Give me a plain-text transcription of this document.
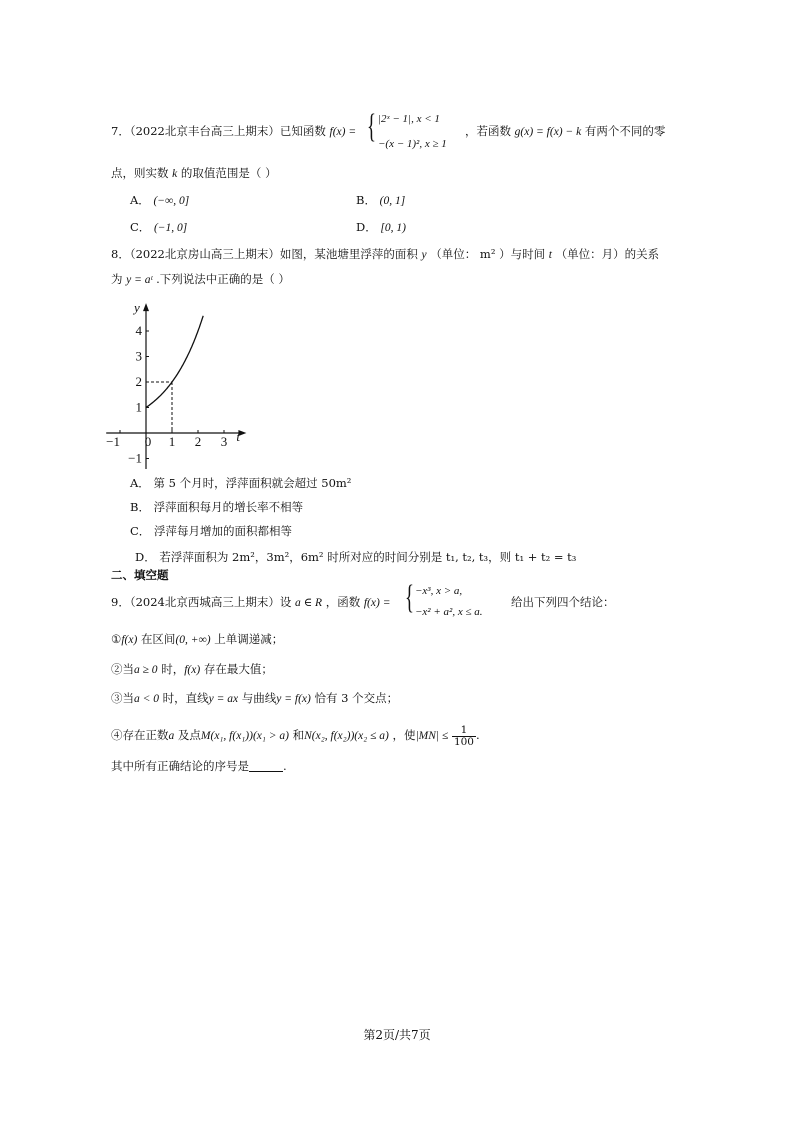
7．（2022北京丰台高三上期末）已知函数 f(x) = { |2ˣ − 1|, x < 1
−(x − 1)², x ≥ 1
，若函数 g(x) = f(x) − k 有两个不同的零
点，则实数 k 的取值范围是（ ）
A． (−∞, 0]	B． (0, 1]
C． (−1, 0]	D． [0, 1)
8．（2022北京房山高三上期末）如图，某池塘里浮萍的面积 y （单位： m² ）与时间 t （单位：月）的关系
为 y = aᵗ .下列说法中正确的是（ ）
t
y
−1 0 1 2 3
−1
1
2
3
4
A． 第 5 个月时，浮萍面积就会超过 50m²
B． 浮萍面积每月的增长率不相等
C． 浮萍每月增加的面积都相等
D． 若浮萍面积为 2m²，3m²，6m² 时所对应的时间分别是 t₁, t₂, t₃，则 t₁ + t₂ = t₃
二、填空题
9．（2024北京西城高三上期末）设 a ∈ R ，函数 f(x) = { −x³, x > a,
−x² + a², x ≤ a.
给出下列四个结论：
①f(x) 在区间(0, +∞) 上单调递减；
②当a ≥ 0 时，f(x) 存在最大值；
③当a < 0 时，直线y = ax 与曲线y = f(x) 恰有 3 个交点；
④存在正数a 及点M(x₁, f(x₁))(x₁ > a) 和N(x₂, f(x₂))(x₂ ≤ a) ，使$|MN| \le \frac{1}{100}$ .
其中所有正确结论的序号是	.
第2页/共7页
